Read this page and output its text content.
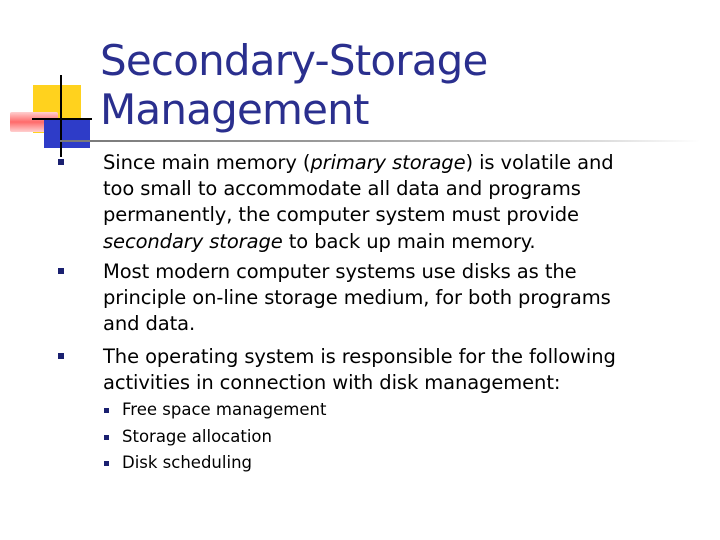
Secondary-Storage
Management
Since main memory (primary storage) is volatile and
too small to accommodate all data and programs
permanently, the computer system must provide
secondary storage to back up main memory.
Most modern computer systems use disks as the
principle on-line storage medium, for both programs
and data.
The operating system is responsible for the following
activities in connection with disk management:
Free space management
Storage allocation
Disk scheduling
